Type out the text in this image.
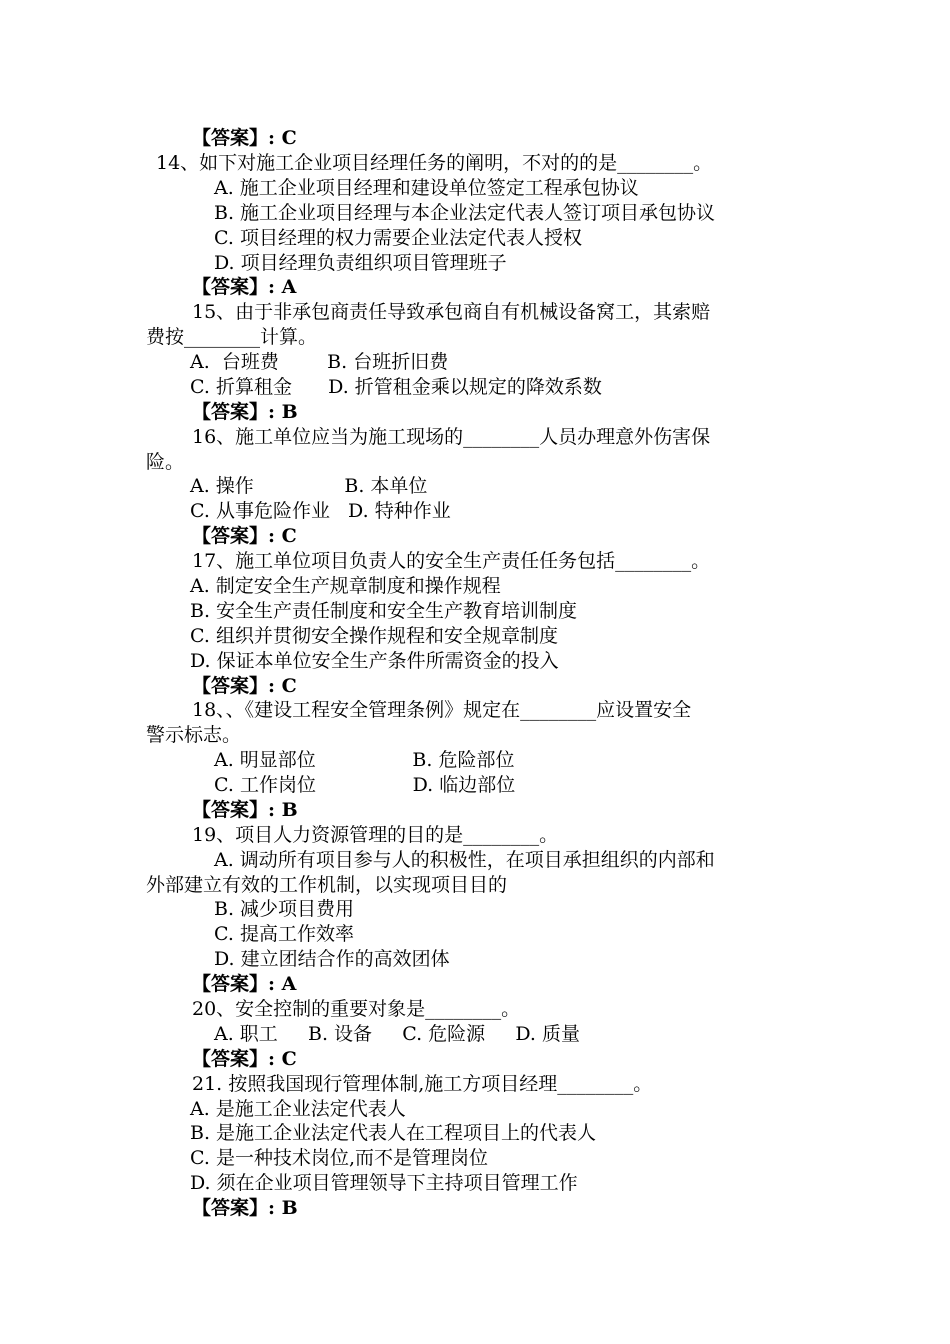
【答案】: C
14、如下对施工企业项目经理任务的阐明，不对的的是________。
A. 施工企业项目经理和建设单位签定工程承包协议
B. 施工企业项目经理与本企业法定代表人签订项目承包协议
C. 项目经理的权力需要企业法定代表人授权
D. 项目经理负责组织项目管理班子
【答案】: A
15、由于非承包商责任导致承包商自有机械设备窝工，其索赔
费按________计算。
A.  台班费        B. 台班折旧费
C. 折算租金      D. 折管租金乘以规定的降效系数
【答案】: B
16、施工单位应当为施工现场的________人员办理意外伤害保
险。
A. 操作               B. 本单位
C. 从事危险作业   D. 特种作业
【答案】: C
17、施工单位项目负责人的安全生产责任任务包括________。
A. 制定安全生产规章制度和操作规程
B. 安全生产责任制度和安全生产教育培训制度
C. 组织并贯彻安全操作规程和安全规章制度
D. 保证本单位安全生产条件所需资金的投入
【答案】: C
18、、《建设工程安全管理条例》规定在________应设置安全
警示标志。
A. 明显部位                B. 危险部位
C. 工作岗位                D. 临边部位
【答案】: B
19、项目人力资源管理的目的是________。
A. 调动所有项目参与人的积极性，在项目承担组织的内部和
外部建立有效的工作机制，以实现项目目的
B. 减少项目费用
C. 提高工作效率
D. 建立团结合作的高效团体
【答案】: A
20、安全控制的重要对象是________。
A. 职工     B. 设备     C. 危险源     D. 质量
【答案】: C
21. 按照我国现行管理体制,施工方项目经理________。
A. 是施工企业法定代表人
B. 是施工企业法定代表人在工程项目上的代表人
C. 是一种技术岗位,而不是管理岗位
D. 须在企业项目管理领导下主持项目管理工作
【答案】: B
